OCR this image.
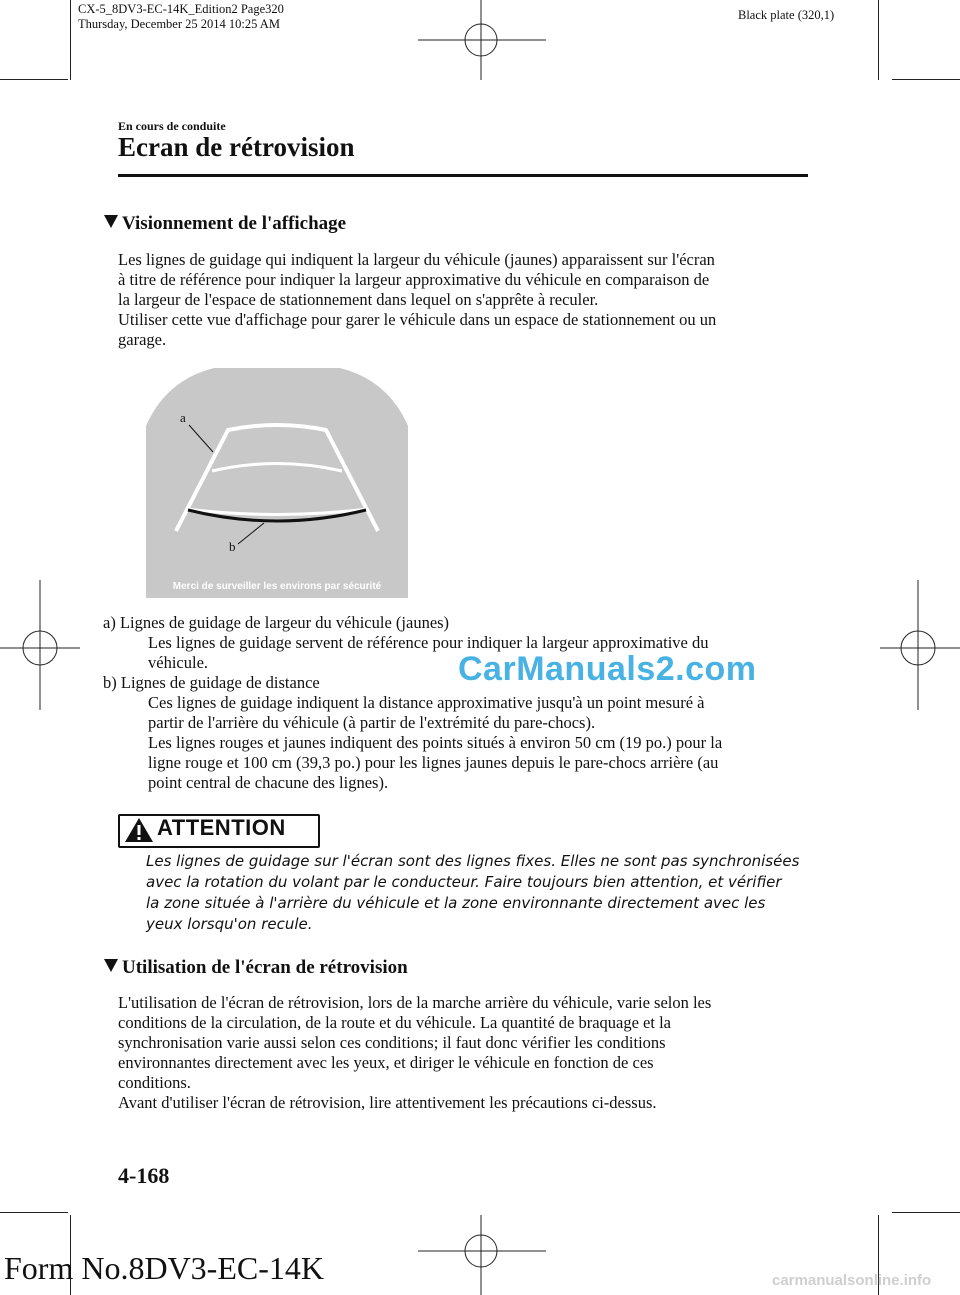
CX-5_8DV3-EC-14K_Edition2 Page320
Thursday, December 25 2014 10:25 AM
Black plate (320,1)
En cours de conduite
Ecran de rétrovision
Visionnement de l'affichage

Les lignes de guidage qui indiquent la largeur du véhicule (jaunes) apparaissent sur l'écran

à titre de référence pour indiquer la largeur approximative du véhicule en comparaison de

la largeur de l'espace de stationnement dans lequel on s'apprête à reculer.

Utiliser cette vue d'affichage pour garer le véhicule dans un espace de stationnement ou un

garage.

a
b
Merci de surveiller les environs par sécurité

a) Lignes de guidage de largeur du véhicule (jaunes)

Les lignes de guidage servent de référence pour indiquer la largeur approximative du

véhicule.

b) Lignes de guidage de distance

Ces lignes de guidage indiquent la distance approximative jusqu'à un point mesuré à

partir de l'arrière du véhicule (à partir de l'extrémité du pare-chocs).

Les lignes rouges et jaunes indiquent des points situés à environ 50 cm (19 po.) pour la

ligne rouge et 100 cm (39,3 po.) pour les lignes jaunes depuis le pare-chocs arrière (au

point central de chacune des lignes).

CarManuals2.com
ATTENTION

Les lignes de guidage sur l'écran sont des lignes fixes. Elles ne sont pas synchronisées

avec la rotation du volant par le conducteur. Faire toujours bien attention, et vérifier

la zone située à l'arrière du véhicule et la zone environnante directement avec les

yeux lorsqu'on recule.

Utilisation de l'écran de rétrovision

L'utilisation de l'écran de rétrovision, lors de la marche arrière du véhicule, varie selon les

conditions de la circulation, de la route et du véhicule. La quantité de braquage et la

synchronisation varie aussi selon ces conditions; il faut donc vérifier les conditions

environnantes directement avec les yeux, et diriger le véhicule en fonction de ces

conditions.

Avant d'utiliser l'écran de rétrovision, lire attentivement les précautions ci-dessus.

4-168
Form No.8DV3-EC-14K	carmanualsonline.info
